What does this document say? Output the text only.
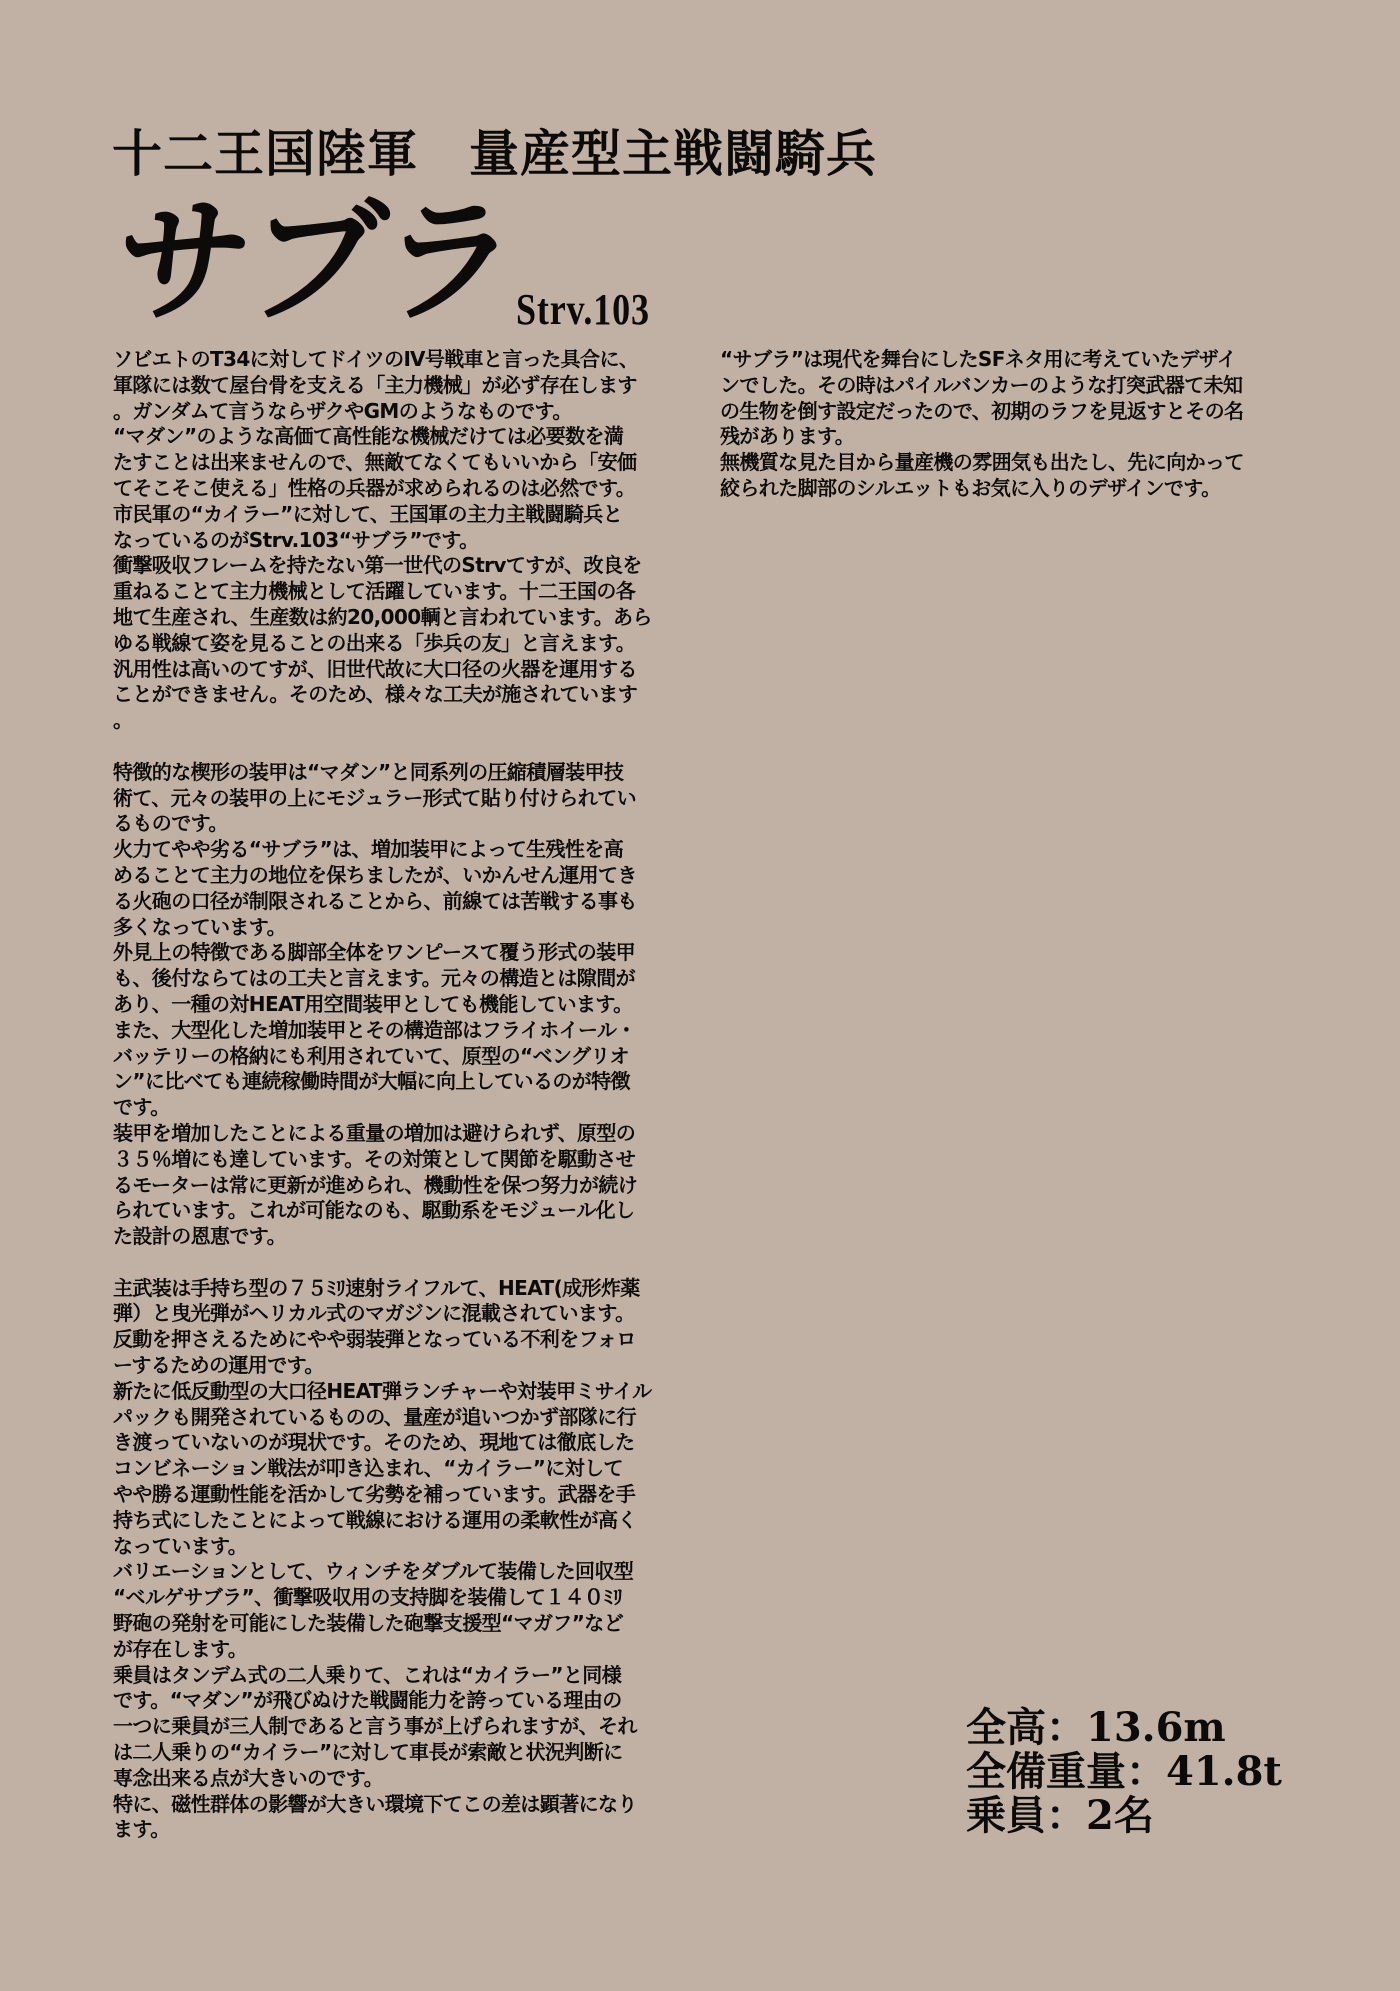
十二王国陸軍　量産型主戦闘騎兵
サブラ
Strv.103
ソビエトのT34に対してドイツのⅣ号戦車と言った具合に、
軍隊には数て屋台骨を支える「主力機械」が必ず存在します
。ガンダムて言うならザクやGMのようなものです。
“マダン”のような高価て高性能な機械だけては必要数を満
たすことは出来ませんので、無敵てなくてもいいから「安価
てそこそこ使える」性格の兵器が求められるのは必然です。
市民軍の“カイラー”に対して、王国軍の主力主戦闘騎兵と
なっているのがStrv.103“サブラ”です。
衝撃吸収フレームを持たない第一世代のStrvてすが、改良を
重ねることて主力機械として活躍しています。十二王国の各
地て生産され、生産数は約20,000輌と言われています。あら
ゆる戦線て姿を見ることの出来る「歩兵の友」と言えます。
汎用性は高いのてすが、旧世代故に大口径の火器を運用する
ことができません。そのため、様々な工夫が施されています
。
特徴的な楔形の装甲は“マダン”と同系列の圧縮積層装甲技
術て、元々の装甲の上にモジュラー形式て貼り付けられてい
るものです。
火力てやや劣る“サブラ”は、増加装甲によって生残性を高
めることて主力の地位を保ちましたが、いかんせん運用てき
る火砲の口径が制限されることから、前線ては苦戦する事も
多くなっています。
外見上の特徴である脚部全体をワンピースて覆う形式の装甲
も、後付ならてはの工夫と言えます。元々の構造とは隙間が
あり、一種の対HEAT用空間装甲としても機能しています。
また、大型化した増加装甲とその構造部はフライホイール・
バッテリーの格納にも利用されていて、原型の“ベングリオ
ン”に比べても連続稼働時間が大幅に向上しているのが特徴
です。
装甲を増加したことによる重量の増加は避けられず、原型の
３５％増にも達しています。その対策として関節を駆動させ
るモーターは常に更新が進められ、機動性を保つ努力が続け
られています。これが可能なのも、駆動系をモジュール化し
た設計の恩恵です。
主武装は手持ち型の７５ﾐﾘ速射ライフルて、HEAT(成形炸薬
弾）と曳光弾がヘリカル式のマガジンに混載されています。
反動を押さえるためにやや弱装弾となっている不利をフォロ
ーするための運用です。
新たに低反動型の大口径HEAT弾ランチャーや対装甲ミサイル
パックも開発されているものの、量産が追いつかず部隊に行
き渡っていないのが現状です。そのため、現地ては徹底した
コンビネーション戦法が叩き込まれ、“カイラー”に対して
やや勝る運動性能を活かして劣勢を補っています。武器を手
持ち式にしたことによって戦線における運用の柔軟性が高く
なっています。
バリエーションとして、ウィンチをダブルて装備した回収型
“ベルゲサブラ”、衝撃吸収用の支持脚を装備して１４０ﾐﾘ
野砲の発射を可能にした装備した砲撃支援型“マガフ”など
が存在します。
乗員はタンデム式の二人乗りて、これは“カイラー”と同様
です。“マダン”が飛びぬけた戦闘能力を誇っている理由の
一つに乗員が三人制であると言う事が上げられますが、それ
は二人乗りの“カイラー”に対して車長が索敵と状況判断に
専念出来る点が大きいのです。
特に、磁性群体の影響が大きい環境下てこの差は顕著になり
ます。
“サブラ”は現代を舞台にしたSFネタ用に考えていたデザイ
ンでした。その時はパイルバンカーのような打突武器て未知
の生物を倒す設定だったので、初期のラフを見返すとその名
残があります。
無機質な見た目から量産機の雰囲気も出たし、先に向かって
絞られた脚部のシルエットもお気に入りのデザインです。
全高：13.6m
全備重量：41.8t
乗員：2名
